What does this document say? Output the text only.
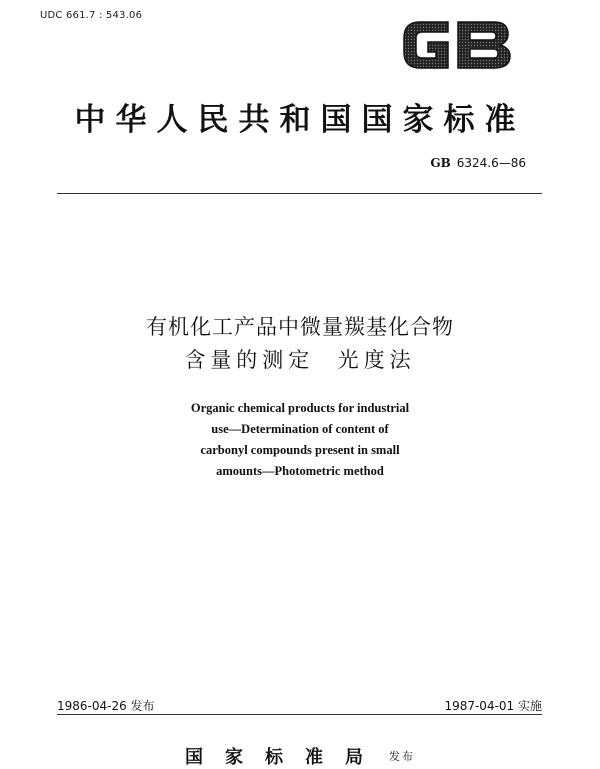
UDC 661.7 : 543.06
中华人民共和国国家标准
GB 6324.6—86
有机化工产品中微量羰基化合物
含量的测定  光度法
Organic chemical products for industrial
use—Determination of content of
carbonyl compounds present in small
amounts—Photometric method
1986-04-26 发布	1987-04-01 实施
国家标准局 发布
